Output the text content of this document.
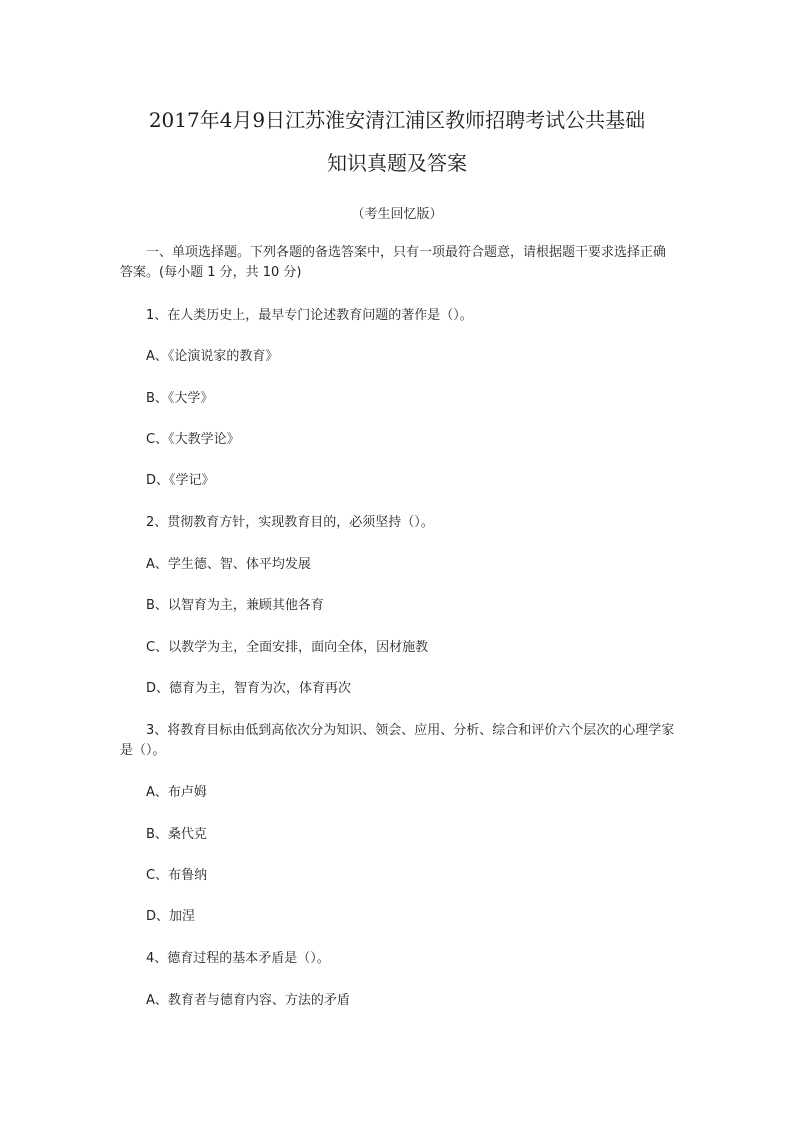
2017年4月9日江苏淮安清江浦区教师招聘考试公共基础
知识真题及答案
（考生回忆版）
一、单项选择题。下列各题的备选答案中，只有一项最符合题意，请根据题干要求选择正确答案。(每小题 1 分，共 10 分)
1、在人类历史上，最早专门论述教育问题的著作是（）。
A、《论演说家的教育》
B、《大学》
C、《大教学论》
D、《学记》
2、贯彻教育方针，实现教育目的，必须坚持（）。
A、学生德、智、体平均发展
B、以智育为主，兼顾其他各育
C、以教学为主，全面安排，面向全体，因材施教
D、德育为主，智育为次，体育再次
3、将教育目标由低到高依次分为知识、领会、应用、分析、综合和评价六个层次的心理学家是（）。
A、布卢姆
B、桑代克
C、布鲁纳
D、加涅
4、德育过程的基本矛盾是（）。
A、教育者与德育内容、方法的矛盾
